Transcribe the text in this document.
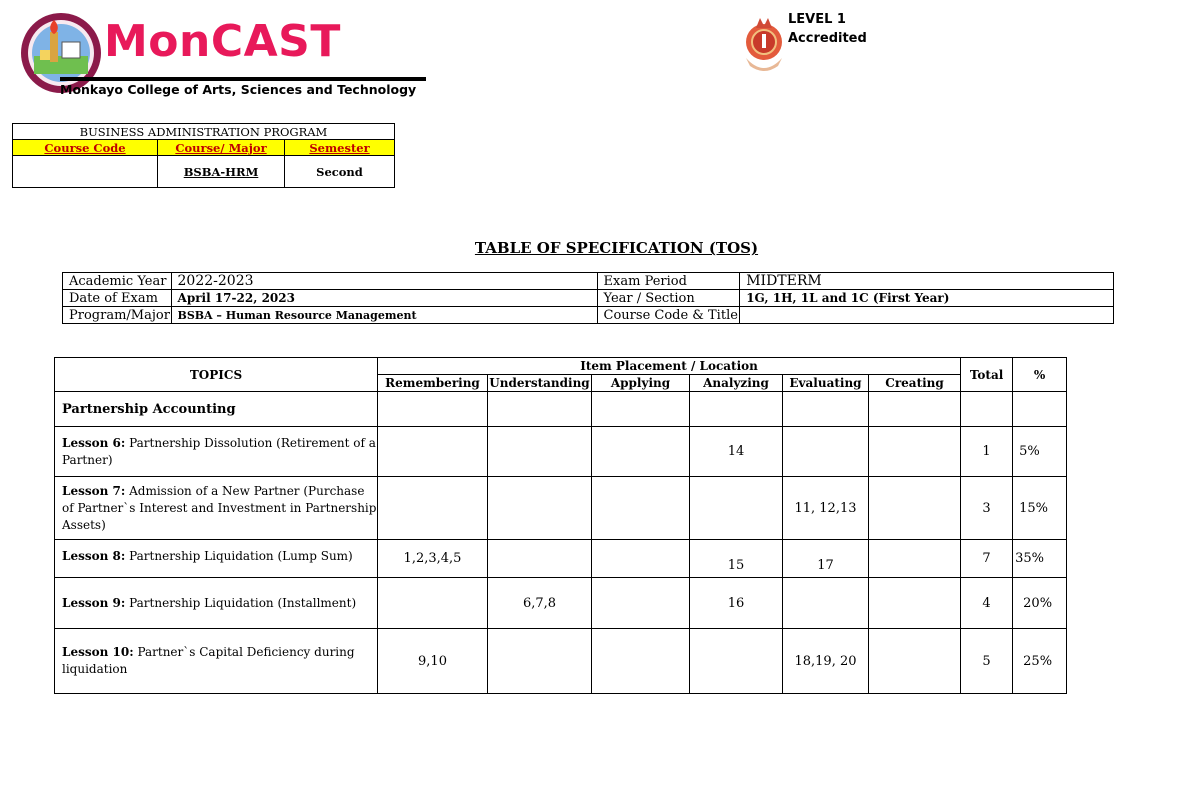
MonCAST
Monkayo College of Arts, Sciences and Technology
LEVEL 1
Accredited
BUSINESS ADMINISTRATION PROGRAM		
Course Code	Course/ Major	Semester
	BSBA-HRM	Second
TABLE OF SPECIFICATION (TOS)
Academic Year	2022-2023	Exam Period	MIDTERM
Date of Exam	April 17-22, 2023	Year / Section	1G, 1H, 1L and 1C (First Year)
Program/Major	BSBA – Human Resource Management	Course Code & Title	
TOPICS	Item Placement / Location						Total	%
	Remembering	Understanding	Applying	Analyzing	Evaluating	Creating		
Partnership Accounting								
Lesson 6: Partnership Dissolution (Retirement of a Partner)				14			1	5%
Lesson 7: Admission of a New Partner (Purchase of Partner`s Interest and Investment in Partnership Assets)					11, 12,13		3	15%
Lesson 8: Partnership Liquidation (Lump Sum)	1,2,3,4,5			15	17		7	35%
Lesson 9: Partnership Liquidation (Installment)		6,7,8		16			4	20%
Lesson 10: Partner`s Capital Deficiency during liquidation	9,10				18,19, 20		5	25%
